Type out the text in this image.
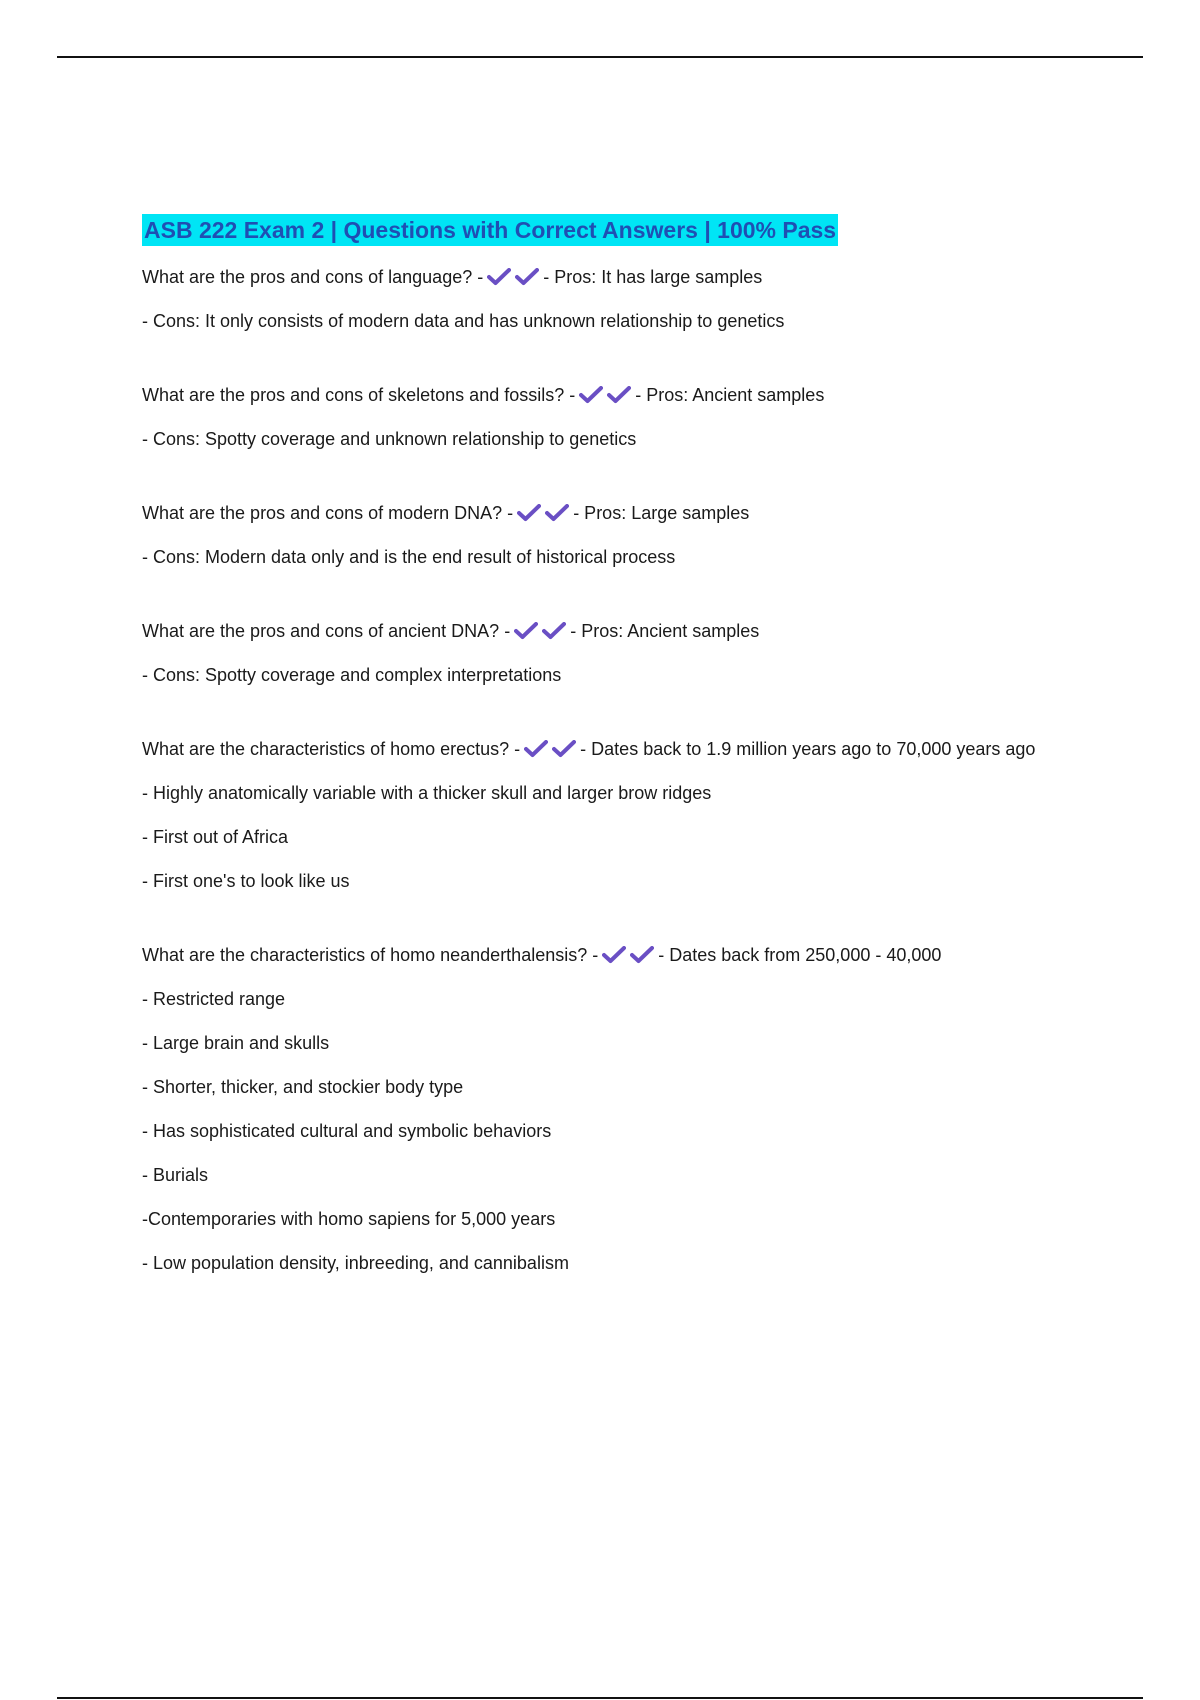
ASB 222 Exam 2 | Questions with Correct Answers | 100% Pass
What are the pros and cons of language? -	- Pros: It has large samples
- Cons: It only consists of modern data and has unknown relationship to genetics
What are the pros and cons of skeletons and fossils? -	- Pros: Ancient samples
- Cons: Spotty coverage and unknown relationship to genetics
What are the pros and cons of modern DNA? -	- Pros: Large samples
- Cons: Modern data only and is the end result of historical process
What are the pros and cons of ancient DNA? -	- Pros: Ancient samples
- Cons: Spotty coverage and complex interpretations
What are the characteristics of homo erectus? -	- Dates back to 1.9 million years ago to 70,000 years ago
- Highly anatomically variable with a thicker skull and larger brow ridges
- First out of Africa
- First one's to look like us
What are the characteristics of homo neanderthalensis? -	- Dates back from 250,000 - 40,000
- Restricted range
- Large brain and skulls
- Shorter, thicker, and stockier body type
- Has sophisticated cultural and symbolic behaviors
- Burials
-Contemporaries with homo sapiens for 5,000 years
- Low population density, inbreeding, and cannibalism
